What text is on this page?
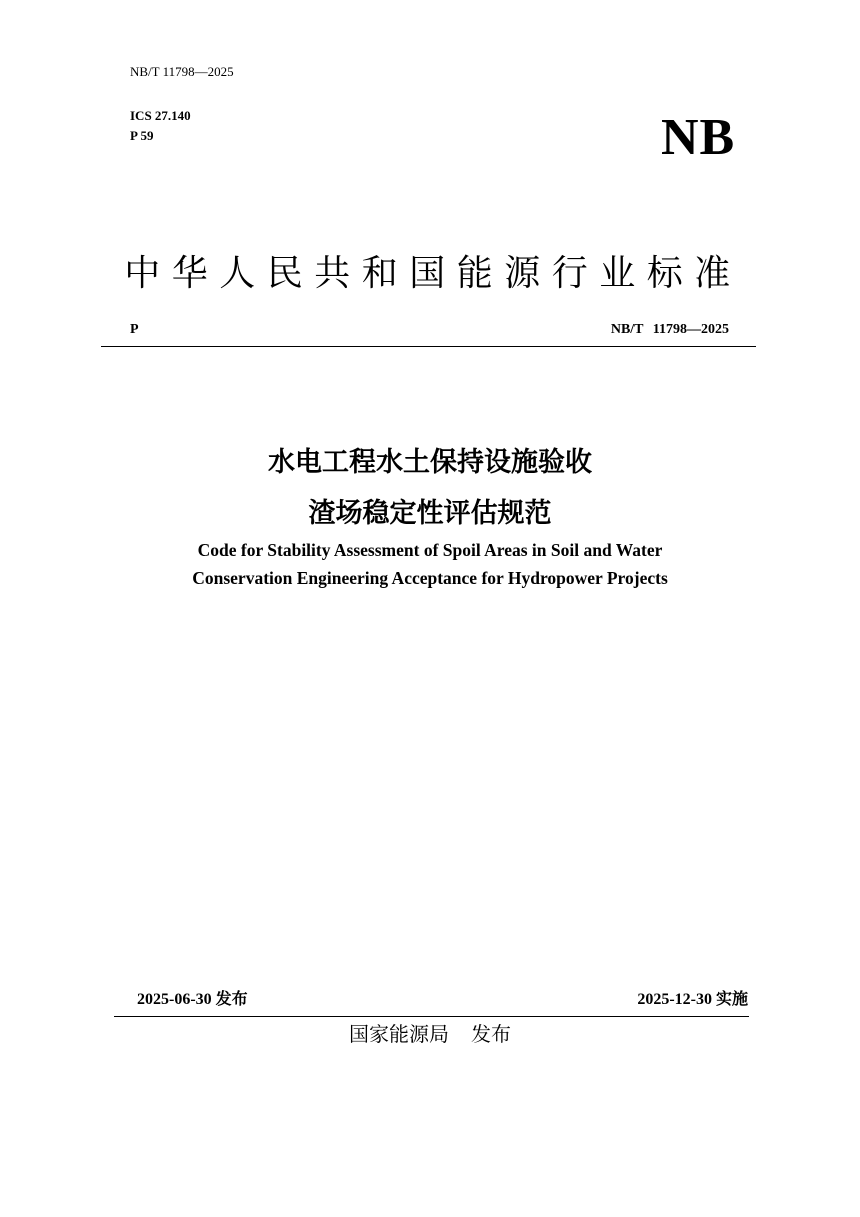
NB/T 11798—2025
ICS 27.140
P 59	NB
中华人民共和国能源行业标准
P	NB/T 11798—2025
水电工程水土保持设施验收
渣场稳定性评估规范
Code for Stability Assessment of Spoil Areas in Soil and Water
Conservation Engineering Acceptance for Hydropower Projects
2025-06-30 发布	2025-12-30 实施
国家能源局 发布
